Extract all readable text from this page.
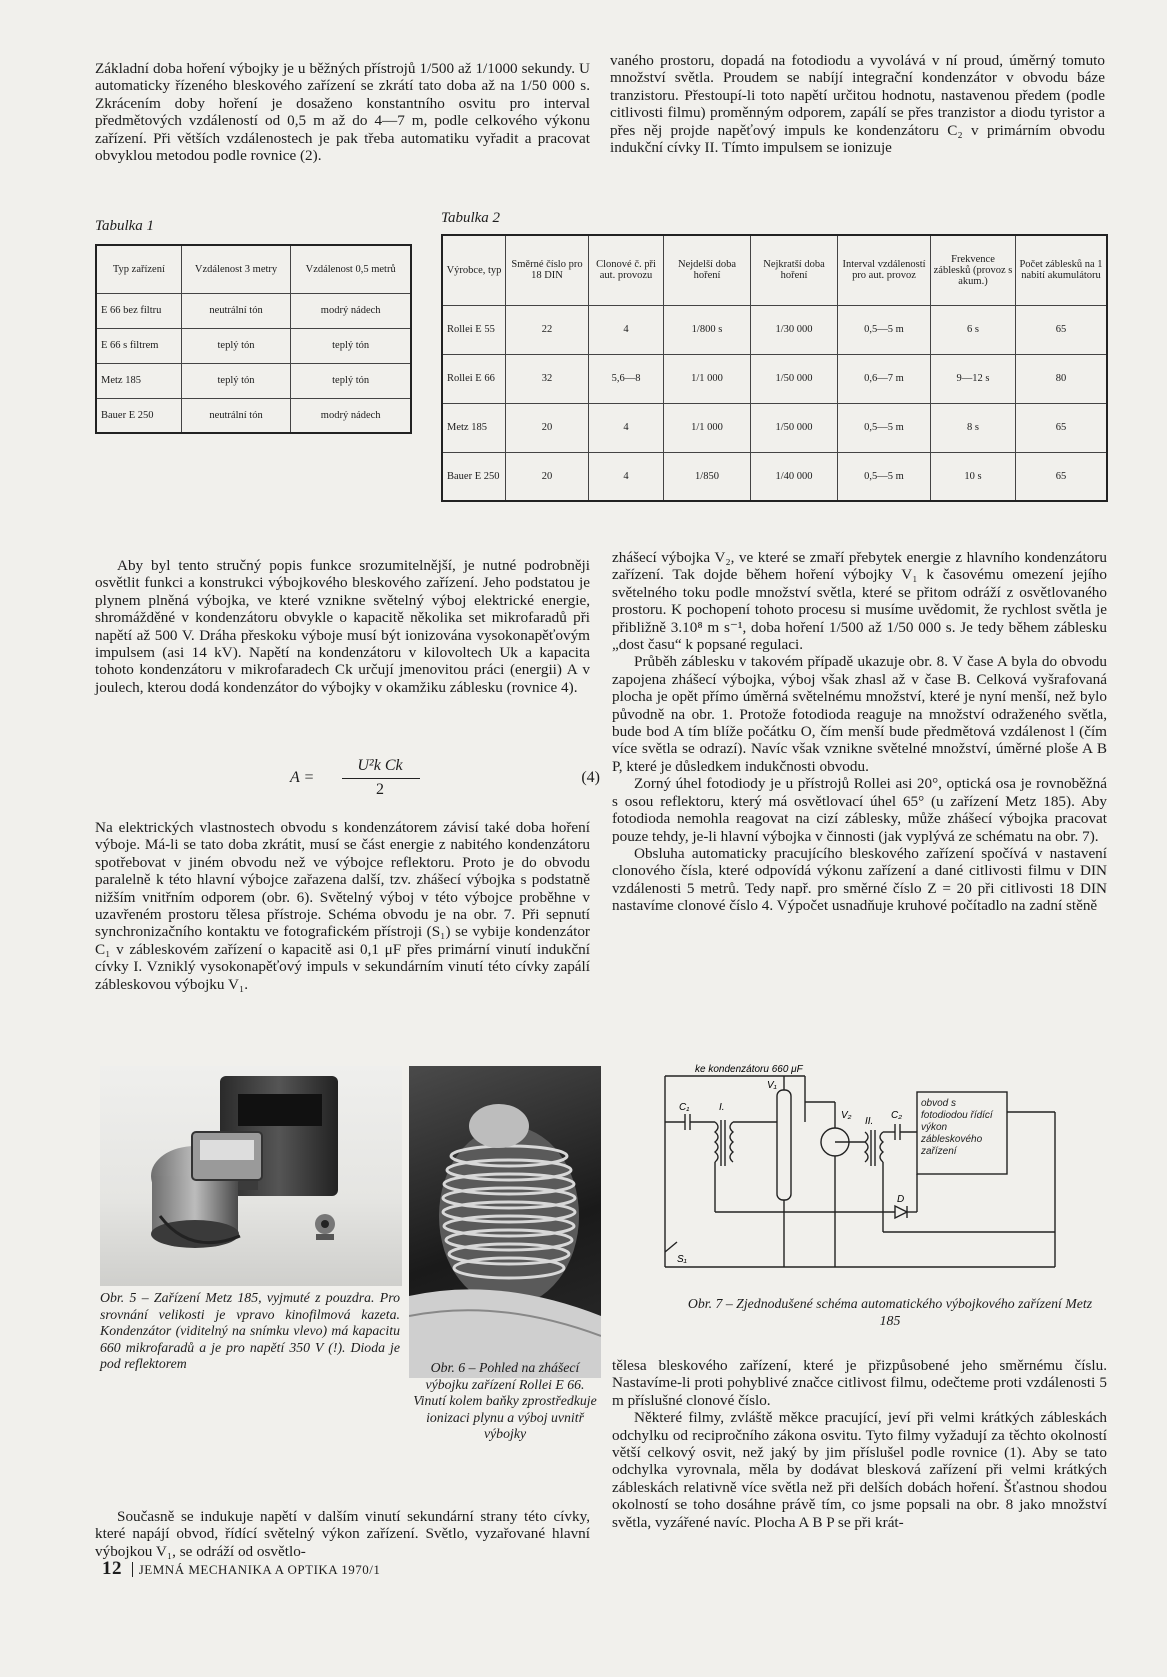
Základní doba hoření výbojky je u běžných přístrojů 1/500 až 1/1000 sekundy. U automaticky řízeného bleskového zařízení se zkrátí tato doba až na 1/50 000 s. Zkrácením doby hoření je dosaženo konstantního osvitu pro interval předmětových vzdáleností od 0,5 m až do 4—7 m, podle celkového výkonu zařízení. Při větších vzdálenostech je pak třeba automatiku vyřadit a pracovat obvyklou metodou podle rovnice (2).

vaného prostoru, dopadá na fotodiodu a vyvolává v ní proud, úměrný tomuto množství světla. Proudem se nabíjí integrační kondenzátor v obvodu báze tranzistoru. Přestoupí-li toto napětí určitou hodnotu, nastavenou předem (podle citlivosti filmu) proměnným odporem, zapálí se přes tranzistor a diodu tyristor a přes něj projde napěťový impuls ke kondenzátoru C₂ v primárním obvodu indukční cívky II. Tímto impulsem se ionizuje

Tabulka 1
Typ zařízení	Vzdálenost 3 metry	Vzdálenost 0,5 metrů
E 66 bez filtru	neutrální tón	modrý nádech
E 66 s filtrem	teplý tón	teplý tón
Metz 185	teplý tón	teplý tón
Bauer E 250	neutrální tón	modrý nádech
Tabulka 2
Výrobce, typ	Směrné číslo pro 18 DIN	Clonové č. při aut. provozu	Nejdelší doba hoření	Nejkratší doba hoření	Interval vzdáleností pro aut. provoz	Frekvence záblesků (provoz s akum.)	Počet záblesků na 1 nabití akumulátoru
Rollei E 55	22	4	1/800 s	1/30 000	0,5—5 m	6 s	65
Rollei E 66	32	5,6—8	1/1 000	1/50 000	0,6—7 m	9—12 s	80
Metz 185	20	4	1/1 000	1/50 000	0,5—5 m	8 s	65
Bauer E 250	20	4	1/850	1/40 000	0,5—5 m	10 s	65

Aby byl tento stručný popis funkce srozumitelnější, je nutné podrobněji osvětlit funkci a konstrukci výbojkového bleskového zařízení. Jeho podstatou je plynem plněná výbojka, ve které vznikne světelný výboj elektrické energie, shromážděné v kondenzátoru obvykle o kapacitě několika set mikrofaradů při napětí až 500 V. Dráha přeskoku výboje musí být ionizována vysokonapěťovým impulsem (asi 14 kV). Napětí na kondenzátoru v kilovoltech Uk a kapacita tohoto kondenzátoru v mikrofaradech Ck určují jmenovitou práci (energii) A v joulech, kterou dodá kondenzátor do výbojky v okamžiku záblesku (rovnice 4).

A =
U²k Ck
2
(4)

Na elektrických vlastnostech obvodu s kondenzátorem závisí také doba hoření výboje. Má-li se tato doba zkrátit, musí se část energie z nabitého kondenzátoru spotřebovat v jiném obvodu než ve výbojce reflektoru. Proto je do obvodu paralelně k této hlavní výbojce zařazena další, tzv. zhášecí výbojka s podstatně nižším vnitřním odporem (obr. 6). Světelný výboj v této výbojce proběhne v uzavřeném prostoru tělesa přístroje. Schéma obvodu je na obr. 7. Při sepnutí synchronizačního kontaktu ve fotografickém přístroji (S₁) se vybije kondenzátor C₁ v zábleskovém zařízení o kapacitě asi 0,1 μF přes primární vinutí indukční cívky I. Vzniklý vysokonapěťový impuls v sekundárním vinutí této cívky zapálí zábleskovou výbojku V₁.

zhášecí výbojka V₂, ve které se zmaří přebytek energie z hlavního kondenzátoru zařízení. Tak dojde během hoření výbojky V₁ k časovému omezení jejího světelného toku podle množství světla, které se přitom odráží z osvětlovaného prostoru. K pochopení tohoto procesu si musíme uvědomit, že rychlost světla je přibližně 3.10⁸ m s⁻¹, doba hoření 1/500 až 1/50 000 s. Je tedy během záblesku „dost času“ k popsané regulaci.

Průběh záblesku v takovém případě ukazuje obr. 8. V čase A byla do obvodu zapojena zhášecí výbojka, výboj však zhasl až v čase B. Celková vyšrafovaná plocha je opět přímo úměrná světelnému množství, které je nyní menší, než bylo původně na obr. 1. Protože fotodioda reaguje na množství odraženého světla, bude bod A tím blíže počátku O, čím menší bude předmětová vzdálenost l (čím více světla se odrazí). Navíc však vznikne světelné množství, úměrné ploše A B P, které je důsledkem indukčnosti obvodu.

Zorný úhel fotodiody je u přístrojů Rollei asi 20°, optická osa je rovnoběžná s osou reflektoru, který má osvětlovací úhel 65° (u zařízení Metz 185). Aby fotodioda nemohla reagovat na cizí záblesky, může zhášecí výbojka pracovat pouze tehdy, je-li hlavní výbojka v činnosti (jak vyplývá ze schématu na obr. 7).

Obsluha automaticky pracujícího bleskového zařízení spočívá v nastavení clonového čísla, které odpovídá výkonu zařízení a dané citlivosti filmu v DIN vzdálenosti 5 metrů. Tedy např. pro směrné číslo Z = 20 při citlivosti 18 DIN nastavíme clonové číslo 4. Výpočet usnadňuje kruhové počítadlo na zadní stěně

ke kondenzátoru 660 μF
C₁	I.
V₁
V₂
II.
C₂
D
S₁
obvod s fotodiodou řídící výkon zábleskového zařízení
Obr. 5 – Zařízení Metz 185, vyjmuté z pouzdra. Pro srovnání velikosti je vpravo kinofilmová kazeta. Kondenzátor (viditelný na snímku vlevo) má kapacitu 660 mikrofaradů a je pro napětí 350 V (!). Dioda je pod reflektorem	Obr. 6 – Pohled na zhášecí výbojku zařízení Rollei E 66. Vinutí kolem baňky zprostředkuje ionizaci plynu a výboj uvnitř výbojky
Obr. 7 – Zjednodušené schéma automatického výbojkového zařízení Metz 185

Současně se indukuje napětí v dalším vinutí sekundární strany této cívky, které napájí obvod, řídící světelný výkon zařízení. Světlo, vyzařované hlavní výbojkou V₁, se odráží od osvětlo-

tělesa bleskového zařízení, které je přizpůsobené jeho směrnému číslu. Nastavíme-li proti pohyblivé značce citlivost filmu, odečteme proti vzdálenosti 5 m příslušné clonové číslo.

Některé filmy, zvláště měkce pracující, jeví při velmi krátkých zábleskách odchylku od recipročního zákona osvitu. Tyto filmy vyžadují za těchto okolností větší celkový osvit, než jaký by jim příslušel podle rovnice (1). Aby se tato odchylka vyrovnala, měla by dodávat blesková zařízení při velmi krátkých zábleskách relativně více světla než při delších dobách hoření. Šťastnou shodou okolností se toho dosáhne právě tím, co jsme popsali na obr. 8 jako množství světla, vyzářené navíc. Plocha A B P se při krát-

12 JEMNÁ MECHANIKA A OPTIKA 1970/1
